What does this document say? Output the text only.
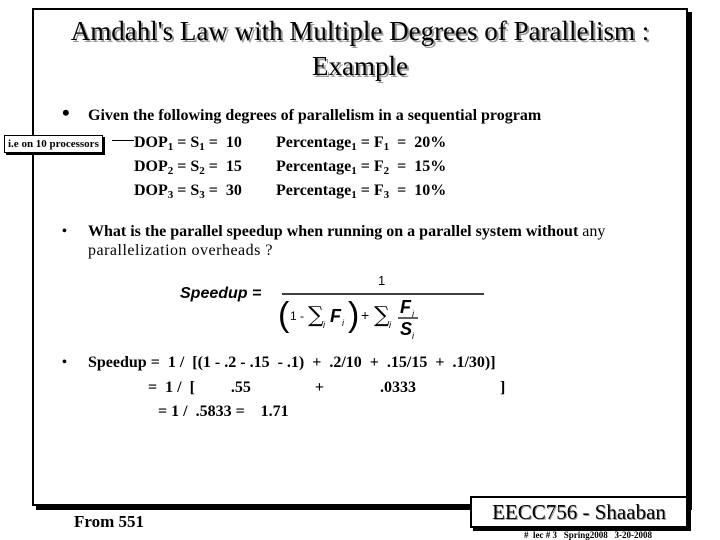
Amdahl's Law with Multiple Degrees of Parallelism :
Example
• Given the following degrees of parallelism in a sequential program
i.e on 10 processors $DOP_1 = S_1 = 10$ Percentage$_1$ = $F_1 = 20\%$
$DOP_2 = S_2 = 15$ Percentage$_1$ = $F_2 = 15\%$
$DOP_3 = S_3 = 30$ Percentage$_1$ = $F_3 = 10\%$
• What is the parallel speedup when running on a parallel system without any
parallelization overheads ?
Speedup =
1
( 1 - ∑ i F i ) + ∑ i
F i
S i
• Speedup =  1 /  [(1 - .2 - .15  - .1)  +  .2/10  +  .15/15  +  .1/30)]
=  1 /  [         .55                +              .0333                     ]
= 1 /  .5833 =    1.71
From 551	EECC756 - Shaaban
#  lec # 3   Spring2008   3-20-2008
